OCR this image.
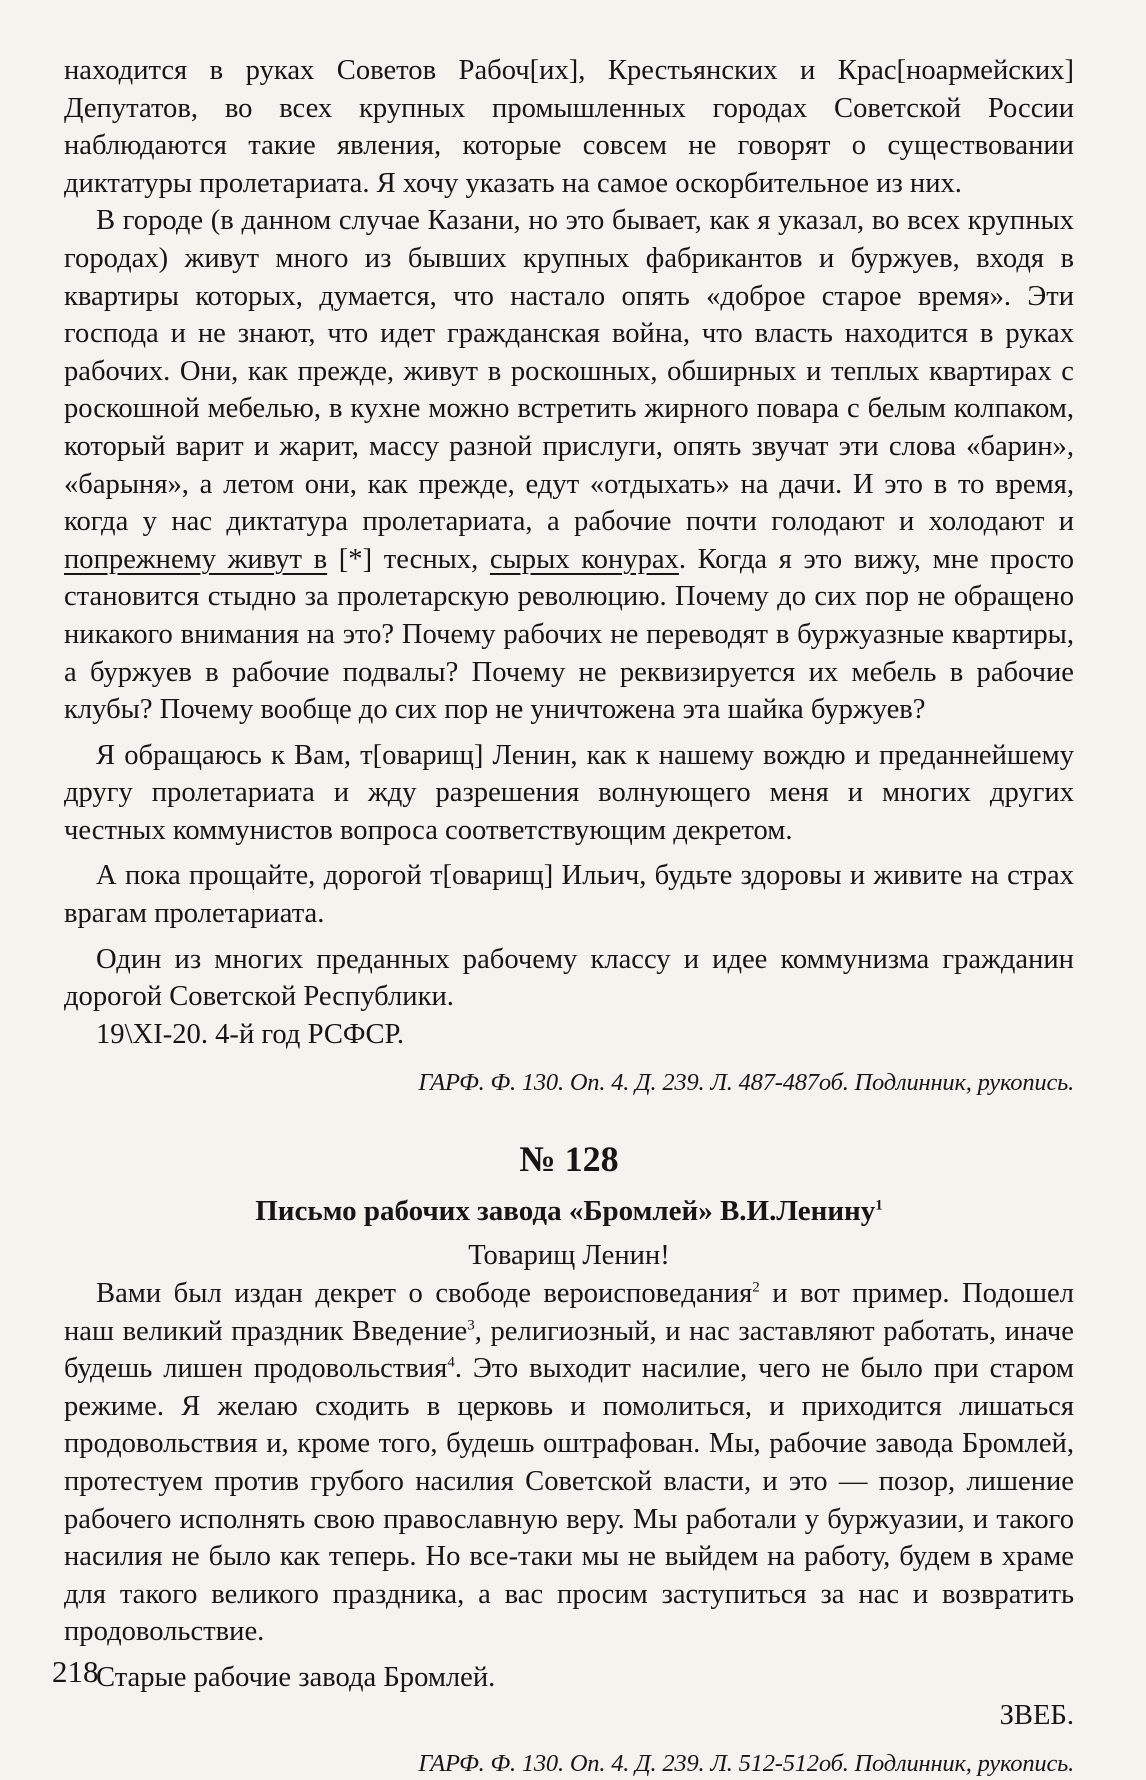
находится в руках Советов Рабоч[их], Крестьянских и Крас[ноармейских] Депутатов, во всех крупных промышленных городах Советской России наблюдаются такие явления, которые совсем не говорят о существовании диктатуры пролетариата. Я хочу указать на самое оскорбительное из них.

В городе (в данном случае Казани, но это бывает, как я указал, во всех крупных городах) живут много из бывших крупных фабрикантов и буржуев, входя в квартиры которых, думается, что настало опять «доброе старое время». Эти господа и не знают, что идет гражданская война, что власть находится в руках рабочих. Они, как прежде, живут в роскошных, обширных и теплых квартирах с роскошной мебелью, в кухне можно встретить жирного повара с белым колпаком, который варит и жарит, массу разной прислуги, опять звучат эти слова «барин», «барыня», а летом они, как прежде, едут «отдыхать» на дачи. И это в то время, когда у нас диктатура пролетариата, а рабочие почти голодают и холодают и попрежнему живут в [*] тесных, сырых конурах. Когда я это вижу, мне просто становится стыдно за пролетарскую революцию. Почему до сих пор не обращено никакого внимания на это? Почему рабочих не переводят в буржуазные квартиры, а буржуев в рабочие подвалы? Почему не реквизируется их мебель в рабочие клубы? Почему вообще до сих пор не уничтожена эта шайка буржуев?

Я обращаюсь к Вам, т[оварищ] Ленин, как к нашему вождю и преданнейшему другу пролетариата и жду разрешения волнующего меня и многих других честных коммунистов вопроса соответствующим декретом.

А пока прощайте, дорогой т[оварищ] Ильич, будьте здоровы и живите на страх врагам пролетариата.

Один из многих преданных рабочему классу и идее коммунизма гражданин дорогой Советской Республики.

19\XI-20. 4-й год РСФСР.

ГАРФ. Ф. 130. Оп. 4. Д. 239. Л. 487-487об. Подлинник, рукопись.

№ 128

Письмо рабочих завода «Бромлей» В.И.Ленину$^1$

Товарищ Ленин!

Вами был издан декрет о свободе вероисповедания$^2$ и вот пример. Подошел наш великий праздник Введение$^3$, религиозный, и нас заставляют работать, иначе будешь лишен продовольствия$^4$. Это выходит насилие, чего не было при старом режиме. Я желаю сходить в церковь и помолиться, и приходится лишаться продовольствия и, кроме того, будешь оштрафован. Мы, рабочие завода Бромлей, протестуем против грубого насилия Советской власти, и это — позор, лишение рабочего исполнять свою православную веру. Мы работали у буржуазии, и такого насилия не было как теперь. Но все-таки мы не выйдем на работу, будем в храме для такого великого праздника, а вас просим заступиться за нас и возвратить продовольствие.

Старые рабочие завода Бромлей.

ЗВЕБ.

ГАРФ. Ф. 130. Оп. 4. Д. 239. Л. 512-512об. Подлинник, рукопись.

218
